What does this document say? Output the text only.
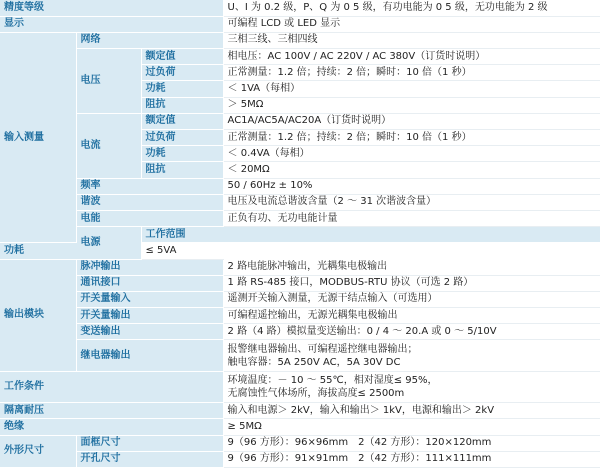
精度等级			U、I 为 0.2 级，P、Q 为 0 5 级，有功电能为 0 5 级，无功电能为 2 级	
显示			可编程 LCD 或 LED 显示	
输入测量	网络		三相三线、三相四线	
	电压	额定值	相电压：AC 100V / AC 220V / AC 380V（订货时说明）	
		过负荷	正常测量：1.2 倍；持续：2 倍；瞬时：10 倍（1 秒）	
		功耗	＜ 1VA（每相）	
		阻抗	＞ 5MΩ	
	电流	额定值	AC1A/AC5A/AC20A（订货时说明）	
		过负荷	正常测量：1.2 倍；持续：2 倍；瞬时：10 倍（1 秒）	
		功耗	＜ 0.4VA（每相）	
		阻抗	＜ 20MΩ	
	频率		50 / 60Hz ± 10%	
	谐波		电压及电流总谐波含量（2 ～ 31 次谐波含量）	
	电能		正负有功、无功电能计量	
	电源	工作范围	
功耗		≤ 5VA		
输出模块	脉冲输出		2 路电能脉冲输出，光耦集电极输出	
	通讯接口		1 路 RS-485 接口，MODBUS-RTU 协议（可选 2 路）	
	开关量输入		遥测开关输入测量，无源干结点输入（可选用）	
	开关量输出		可编程遥控输出，无源光耦集电极输出	
	变送输出		2 路（4 路）模拟量变送输出：0 / 4 ～ 20.A 或 0 ～ 5/10V	
	继电器输出		报警继电器输出、可编程遥控继电器输出；
触电容器：5A 250V AC，5A 30V DC	

工作条件			环境温度：－ 10 ～ 55℃，相对湿度≤ 95%，
无腐蚀性气体场所，海拔高度≤ 2500m	

隔离耐压			输入和电源＞ 2kV，输入和输出＞ 1kV，电源和输出＞ 2kV	
绝缘			≥ 5MΩ	
外形尺寸	面框尺寸		9（96 方形）：96×96mm　2（42 方形）：120×120mm	
	开孔尺寸		9（96 方形）：91×91mm　2（42 方形）：111×111mm	
